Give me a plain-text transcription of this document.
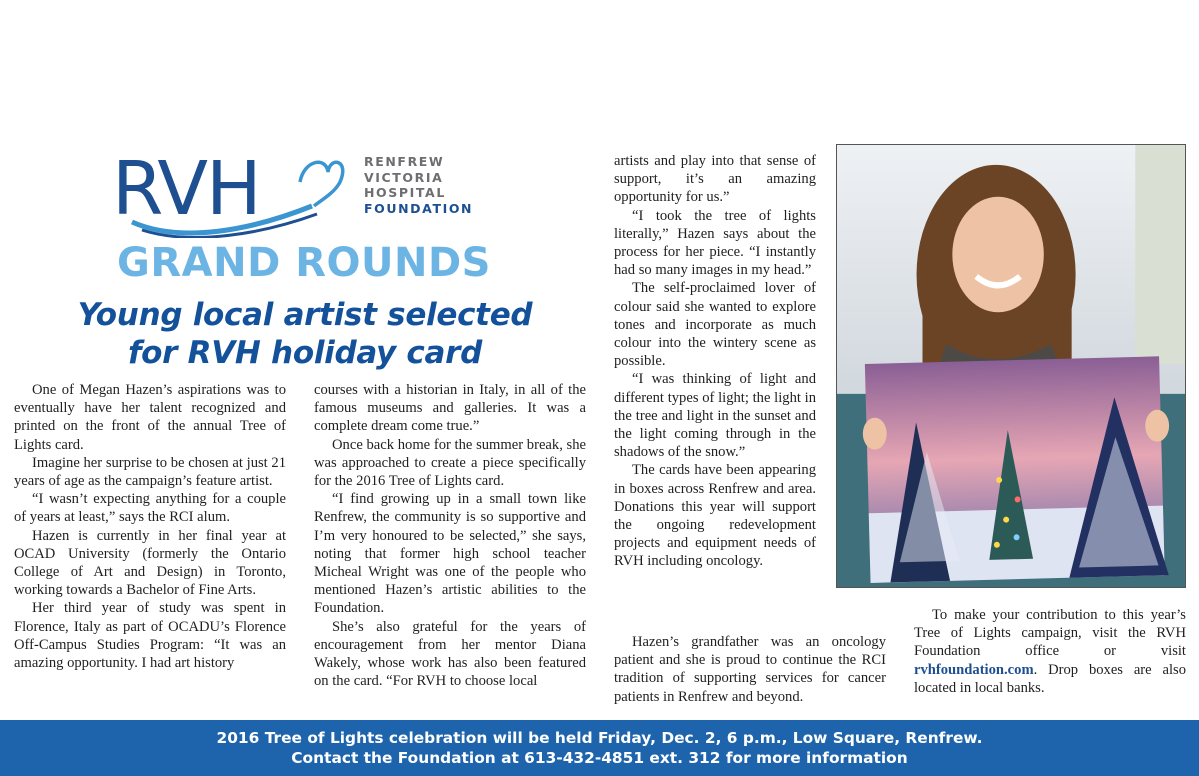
RVH	RENFREW
VICTORIA
HOSPITAL
FOUNDATION
GRAND ROUNDS
Young local artist selected
for RVH holiday card

One of Megan Hazen’s aspirations was to eventually have her talent recognized and printed on the front of the annual Tree of Lights card.

Imagine her surprise to be chosen at just 21 years of age as the campaign’s feature artist.

“I wasn’t expecting anything for a couple of years at least,” says the RCI alum.

Hazen is currently in her final year at OCAD University (formerly the Ontario College of Art and Design) in Toronto, working towards a Bachelor of Fine Arts.

Her third year of study was spent in Florence, Italy as part of OCADU’s Florence Off-Campus Studies Program: “It was an amazing opportunity. I had art history

courses with a historian in Italy, in all of the famous museums and galleries. It was a complete dream come true.”

Once back home for the summer break, she was approached to create a piece specifically for the 2016 Tree of Lights card.

“I find growing up in a small town like Renfrew, the community is so supportive and I’m very honoured to be selected,” she says, noting that former high school teacher Micheal Wright was one of the people who mentioned Hazen’s artistic abilities to the Foundation.

She’s also grateful for the years of encouragement from her mentor Diana Wakely, whose work has also been featured on the card. “For RVH to choose local

artists and play into that sense of support, it’s an amazing opportunity for us.”

“I took the tree of lights literally,” Hazen says about the process for her piece. “I instantly had so many images in my head.”

The self-proclaimed lover of colour said she wanted to explore tones and incorporate as much colour into the wintery scene as possible.

“I was thinking of light and different types of light; the light in the tree and light in the sunset and the light coming through in the shadows of the snow.”

The cards have been appearing in boxes across Renfrew and area. Donations this year will support the ongoing redevelopment projects and equipment needs of RVH including oncology.

Hazen’s grandfather was an oncology patient and she is proud to continue the RCI tradition of supporting services for cancer patients in Renfrew and beyond.

To make your contribution to this year’s Tree of Lights campaign, visit the RVH Foundation office or visit rvhfoundation.com. Drop boxes are also located in local banks.

2016 Tree of Lights celebration will be held Friday, Dec. 2, 6 p.m., Low Square, Renfrew.
Contact the Foundation at 613-432-4851 ext. 312 for more information
